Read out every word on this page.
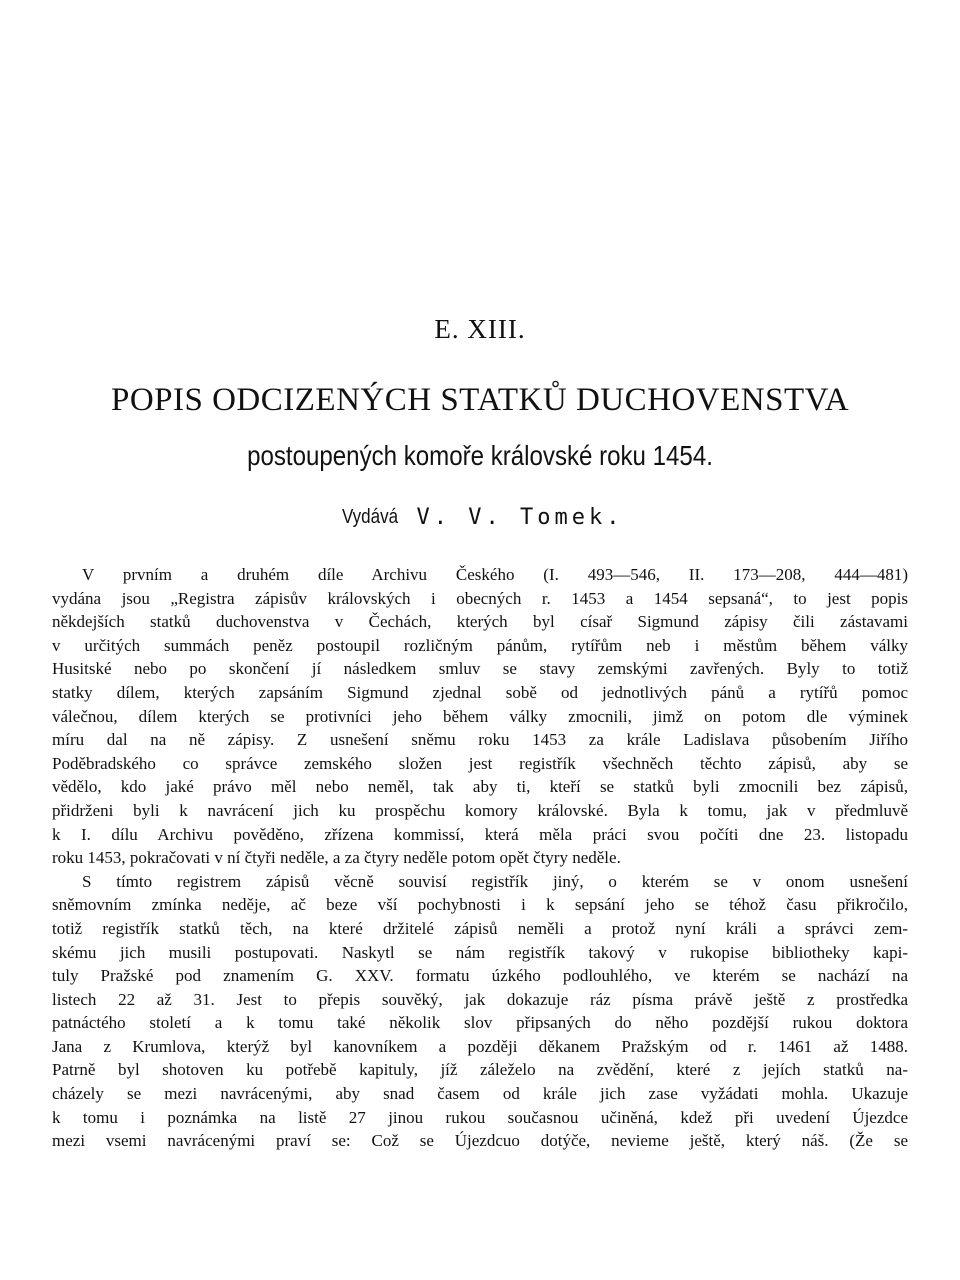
E. XIII.
POPIS ODCIZENÝCH STATKŮ DUCHOVENSTVA
postoupených komoře královské roku 1454.
Vydává V. V. Tomek.
V prvním a druhém díle Archivu Českého (I. 493—546, II. 173—208, 444—481)
vydána jsou „Registra zápisův královských i obecných r. 1453 a 1454 sepsaná“, to jest popis
někdejších statků duchovenstva v Čechách, kterých byl císař Sigmund zápisy čili zástavami
v určitých summách peněz postoupil rozličným pánům, rytířům neb i městům během války
Husitské nebo po skončení jí následkem smluv se stavy zemskými zavřených. Byly to totiž
statky dílem, kterých zapsáním Sigmund zjednal sobě od jednotlivých pánů a rytířů pomoc
válečnou, dílem kterých se protivníci jeho během války zmocnili, jimž on potom dle výminek
míru dal na ně zápisy. Z usnešení sněmu roku 1453 za krále Ladislava působením Jiřího
Poděbradského co správce zemského složen jest registřík všechněch těchto zápisů, aby se
vědělo, kdo jaké právo měl nebo neměl, tak aby ti, kteří se statků byli zmocnili bez zápisů,
přidrženi byli k navrácení jich ku prospěchu komory královské. Byla k tomu, jak v předmluvě
k I. dílu Archivu pověděno, zřízena kommissí, která měla práci svou počíti dne 23. listopadu
roku 1453, pokračovati v ní čtyři neděle, a za čtyry neděle potom opět čtyry neděle.
S tímto registrem zápisů věcně souvisí registřík jiný, o kterém se v onom usnešení
sněmovním zmínka neděje, ač beze vší pochybnosti i k sepsání jeho se téhož času přikročilo,
totiž registřík statků těch, na které držitelé zápisů neměli a protož nyní králi a správci zem-
skému jich musili postupovati. Naskytl se nám registřík takový v rukopise bibliotheky kapi-
tuly Pražské pod znamením G. XXV. formatu úzkého podlouhlého, ve kterém se nachází na
listech 22 až 31. Jest to přepis souvěký, jak dokazuje ráz písma právě ještě z prostředka
patnáctého století a k tomu také několik slov připsaných do něho pozdější rukou doktora
Jana z Krumlova, kterýž byl kanovníkem a později děkanem Pražským od r. 1461 až 1488.
Patrně byl shotoven ku potřebě kapituly, jíž záleželo na zvědění, které z jejích statků na-
cházely se mezi navrácenými, aby snad časem od krále jich zase vyžádati mohla. Ukazuje
k tomu i poznámka na listě 27 jinou rukou současnou učiněná, kdež při uvedení Újezdce
mezi vsemi navrácenými praví se: Což se Újezdcuo dotýče, nevieme ještě, který náš. (Že se
